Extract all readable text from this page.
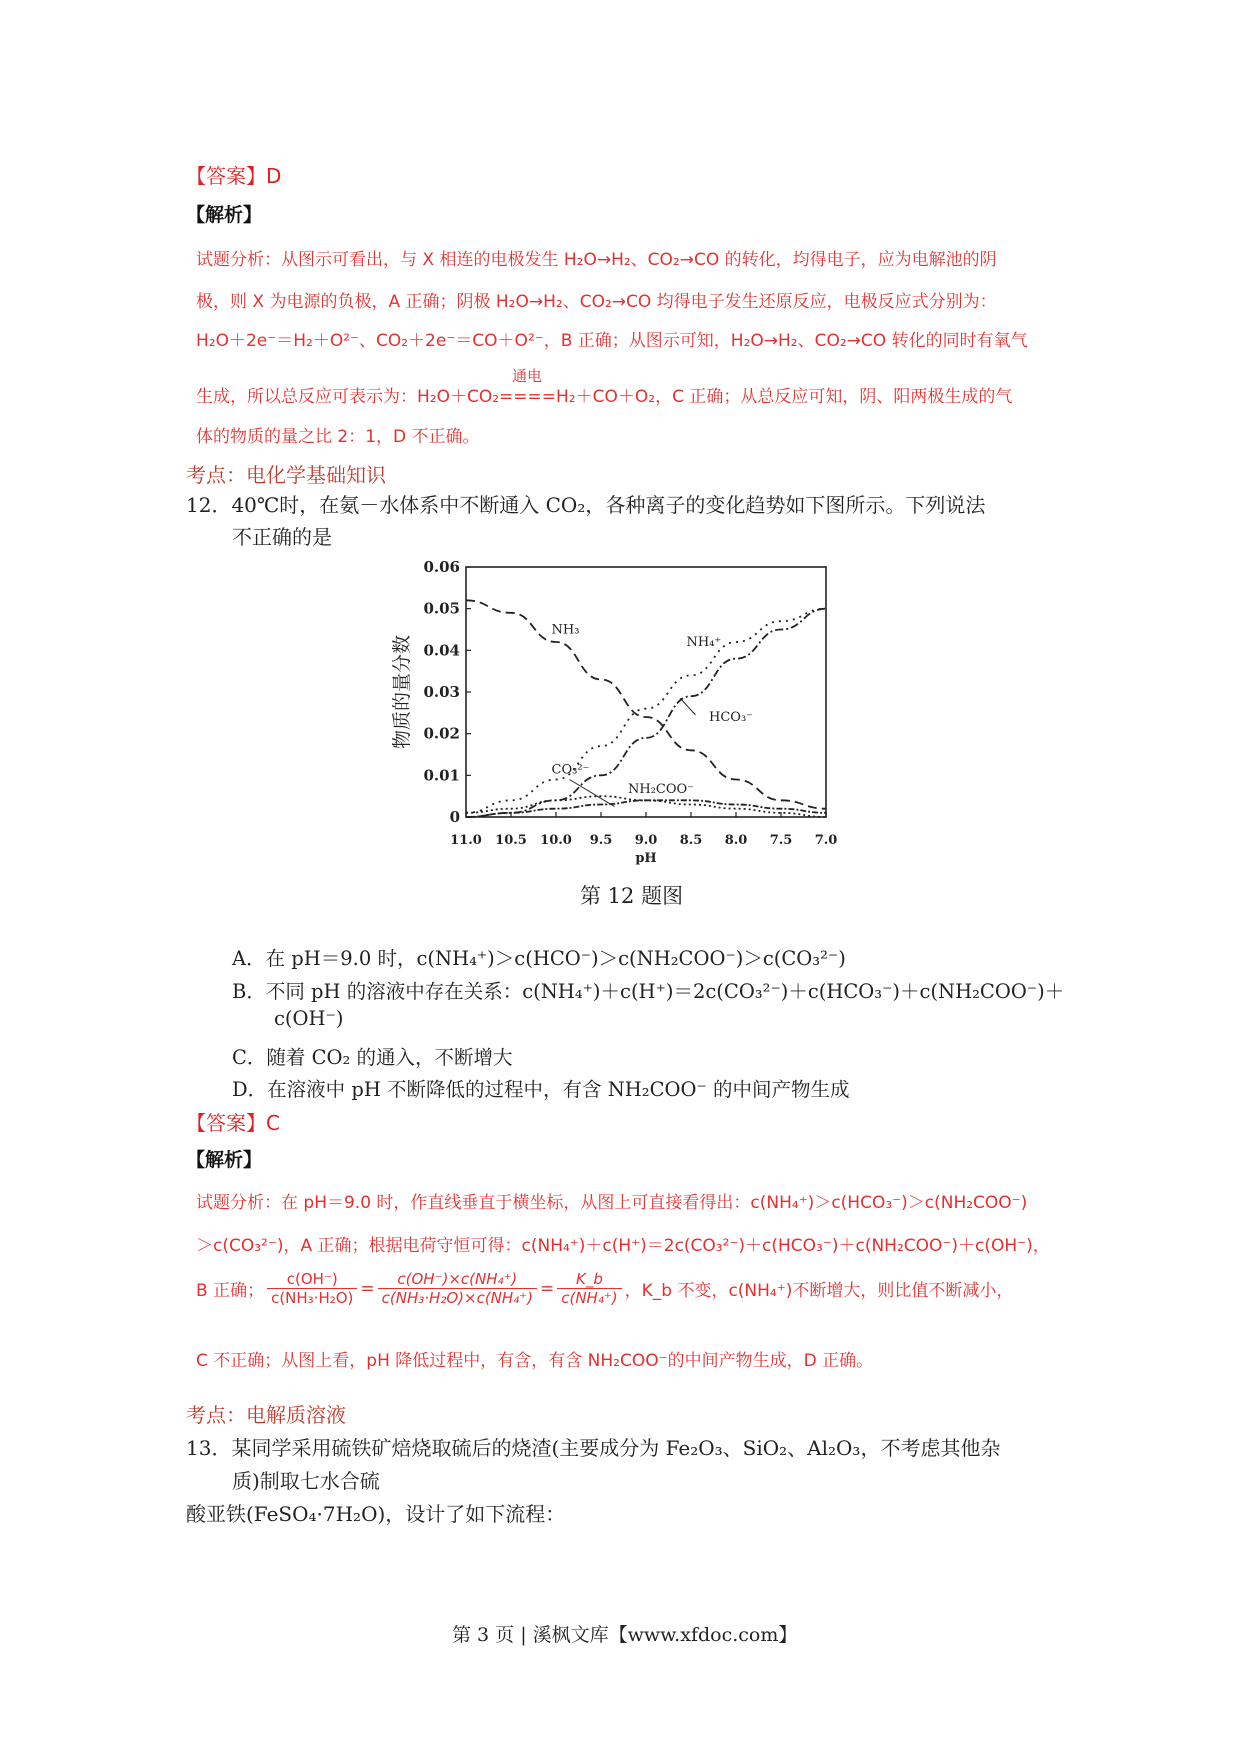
【答案】D
【解析】
试题分析：从图示可看出，与 X 相连的电极发生 H₂O→H₂、CO₂→CO 的转化，均得电子，应为电解池的阴
极，则 X 为电源的负极，A 正确；阴极 H₂O→H₂、CO₂→CO 均得电子发生还原反应，电极反应式分别为：
H₂O＋2e⁻＝H₂＋O²⁻、CO₂＋2e⁻＝CO＋O²⁻，B 正确；从图示可知，H₂O→H₂、CO₂→CO 转化的同时有氧气
通电
生成，所以总反应可表示为：H₂O＋CO₂====H₂＋CO＋O₂，C 正确；从总反应可知，阴、阳两极生成的气
体的物质的量之比 2：1，D 不正确。
考点：电化学基础知识
12．40℃时，在氨－水体系中不断通入 CO₂，各种离子的变化趋势如下图所示。下列说法
不正确的是
0
0.01
0.02
0.03
0.04
0.05
0.06
11.0 10.5 10.0 9.5 9.0 8.5 8.0 7.5 7.0
pH
物质的量分数
NH₃
NH₄⁺
HCO₃⁻
CO₃²⁻
NH₂COO⁻
第 12 题图
A．在 pH＝9.0 时，c(NH₄⁺)＞c(HCO⁻)＞c(NH₂COO⁻)＞c(CO₃²⁻)
B．不同 pH 的溶液中存在关系：c(NH₄⁺)＋c(H⁺)＝2c(CO₃²⁻)＋c(HCO₃⁻)＋c(NH₂COO⁻)＋
c(OH⁻)
C．随着 CO₂ 的通入，不断增大
D．在溶液中 pH 不断降低的过程中，有含 NH₂COO⁻ 的中间产物生成
【答案】C
【解析】
试题分析：在 pH＝9.0 时，作直线垂直于横坐标，从图上可直接看得出：c(NH₄⁺)＞c(HCO₃⁻)＞c(NH₂COO⁻)
＞c(CO₃²⁻)，A 正确；根据电荷守恒可得：c(NH₄⁺)＋c(H⁺)＝2c(CO₃²⁻)＋c(HCO₃⁻)＋c(NH₂COO⁻)＋c(OH⁻)，
B 正确； $\frac{c(OH^-)}{\text{c(NH₃·H₂O)}} = \frac{\text{c(OH⁻)×c(NH₄⁺)}}{\text{c(NH₃·H₂O)×c(NH₄⁺)}} = \frac{K\_b}{\text{c(NH₄⁺)}}$ ，K_b 不变，c(NH₄⁺)不断增大，则比值不断减小，
C 不正确；从图上看，pH 降低过程中，有含，有含 NH₂COO⁻的中间产物生成，D 正确。
考点：电解质溶液
13．某同学采用硫铁矿焙烧取硫后的烧渣(主要成分为 Fe₂O₃、SiO₂、Al₂O₃，不考虑其他杂
质)制取七水合硫
酸亚铁(FeSO₄·7H₂O)，设计了如下流程：
第 3 页 | 溪枫文库【www.xfdoc.com】
